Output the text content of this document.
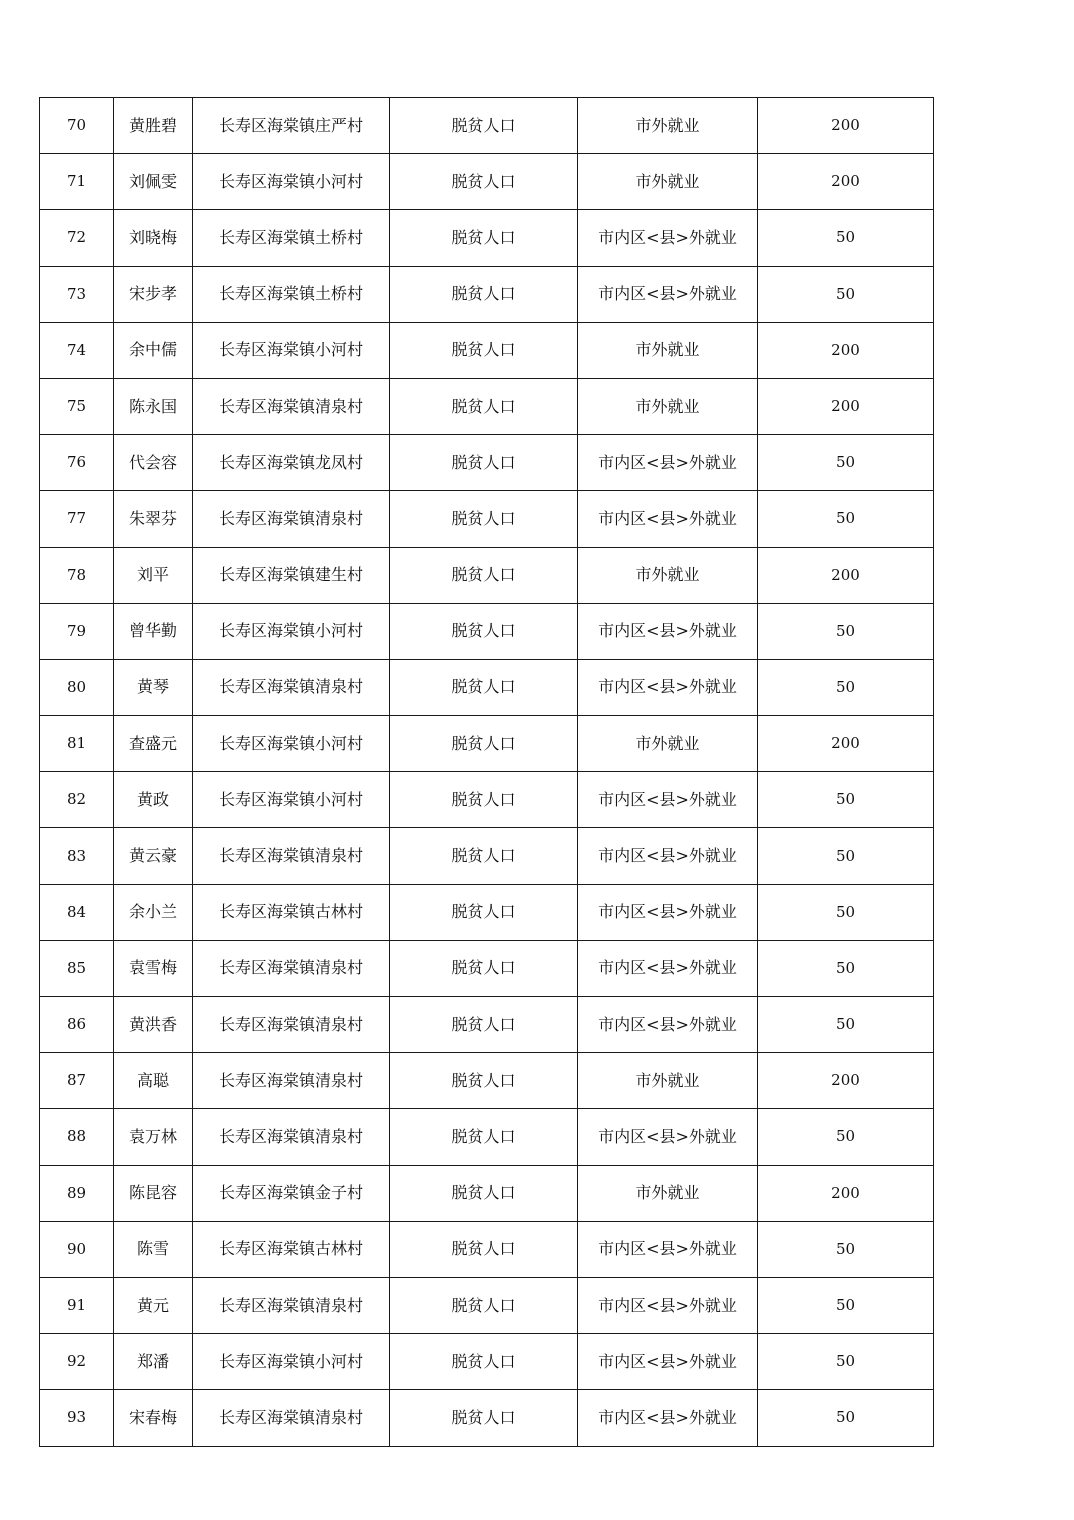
70	黄胜碧	长寿区海棠镇庄严村	脱贫人口	市外就业	200
71	刘佩雯	长寿区海棠镇小河村	脱贫人口	市外就业	200
72	刘晓梅	长寿区海棠镇土桥村	脱贫人口	市内区<县>外就业	50
73	宋步孝	长寿区海棠镇土桥村	脱贫人口	市内区<县>外就业	50
74	余中儒	长寿区海棠镇小河村	脱贫人口	市外就业	200
75	陈永国	长寿区海棠镇清泉村	脱贫人口	市外就业	200
76	代会容	长寿区海棠镇龙凤村	脱贫人口	市内区<县>外就业	50
77	朱翠芬	长寿区海棠镇清泉村	脱贫人口	市内区<县>外就业	50
78	刘平	长寿区海棠镇建生村	脱贫人口	市外就业	200
79	曾华勤	长寿区海棠镇小河村	脱贫人口	市内区<县>外就业	50
80	黄琴	长寿区海棠镇清泉村	脱贫人口	市内区<县>外就业	50
81	查盛元	长寿区海棠镇小河村	脱贫人口	市外就业	200
82	黄政	长寿区海棠镇小河村	脱贫人口	市内区<县>外就业	50
83	黄云豪	长寿区海棠镇清泉村	脱贫人口	市内区<县>外就业	50
84	余小兰	长寿区海棠镇古林村	脱贫人口	市内区<县>外就业	50
85	袁雪梅	长寿区海棠镇清泉村	脱贫人口	市内区<县>外就业	50
86	黄洪香	长寿区海棠镇清泉村	脱贫人口	市内区<县>外就业	50
87	高聪	长寿区海棠镇清泉村	脱贫人口	市外就业	200
88	袁万林	长寿区海棠镇清泉村	脱贫人口	市内区<县>外就业	50
89	陈昆容	长寿区海棠镇金子村	脱贫人口	市外就业	200
90	陈雪	长寿区海棠镇古林村	脱贫人口	市内区<县>外就业	50
91	黄元	长寿区海棠镇清泉村	脱贫人口	市内区<县>外就业	50
92	郑潘	长寿区海棠镇小河村	脱贫人口	市内区<县>外就业	50
93	宋春梅	长寿区海棠镇清泉村	脱贫人口	市内区<县>外就业	50
